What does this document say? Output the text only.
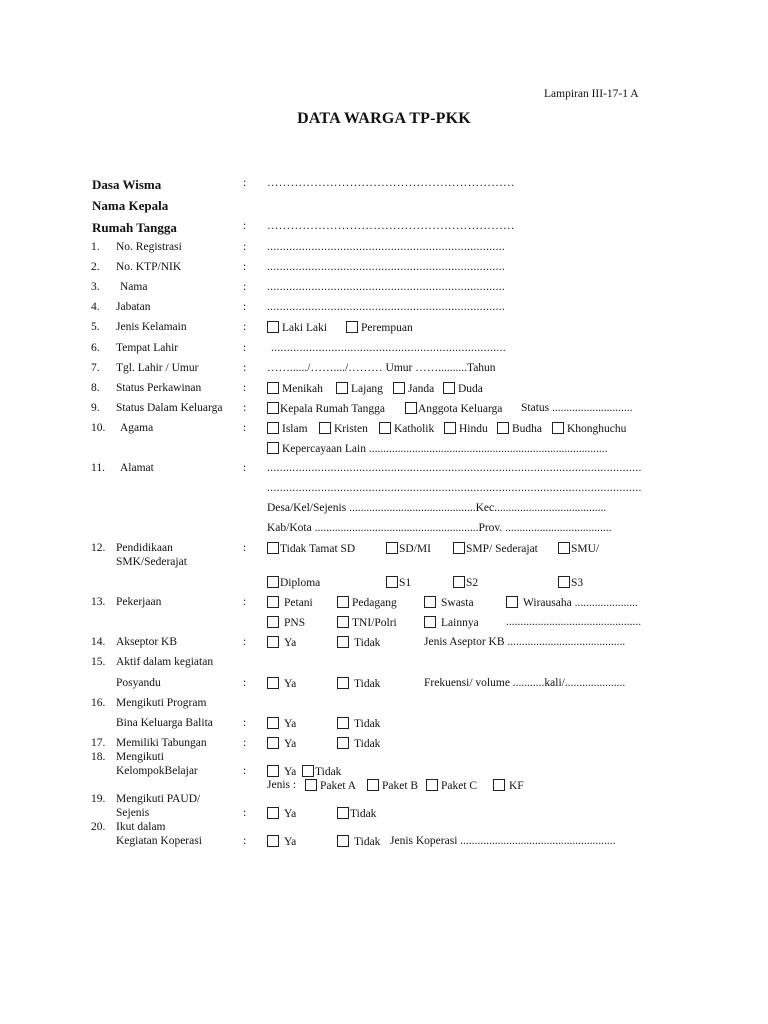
Lampiran III-17-1 A
DATA WARGA TP-PKK
Dasa Wisma	: ………………………………………………………
Nama Kepala
Rumah Tangga	: ………………………………………………………
1. No. Registrasi	: ...........................................................................
2. No. KTP/NIK	: ...........................................................................
3. Nama	: ...........................................................................
4. Jabatan	: ...........................................................................
5. Jenis Kelamain	:	Laki Laki	Perempuan
6. Tempat Lahir	: ..........................................................................
7. Tgl. Lahir / Umur	: ……....../……..../……… Umur ……..........Tahun
8. Status Perkawinan	:	Menikah	Lajang	Janda	Duda
9. Status Dalam Keluarga :	Kepala Rumah Tangga	Anggota Keluarga Status ............................
10. Agama	:	Islam	Kristen	Katholik	Hindu	Budha	Khonghuchu
Kepercayaan Lain ...................................................................................
11. Alamat	: ......................................................................................................................
......................................................................................................................
Desa/Kel/Sejenis ............................................Kec.......................................
Kab/Kota .........................................................Prov. .....................................
12. Pendidikaan	:	Tidak Tamat SD	SD/MI	SMP/ Sederajat	SMU/
SMK/Sederajat
Diploma	S1	S2	S3
13. Pekerjaan	:	Petani	Pedagang	Swasta	Wirausaha ......................
PNS	TNI/Polri	Lainnya ...............................................
14. Akseptor KB	:	Ya	Tidak	Jenis Aseptor KB .........................................
15. Aktif dalam kegiatan
Posyandu	:	Ya	Tidak	Frekuensi/ volume ...........kali/.....................
16. Mengikuti Program
Bina Keluarga Balita	:	Ya	Tidak
17. Memiliki Tabungan	:	Ya	Tidak
18. Mengikuti
KelompokBelajar	:	Ya	Tidak
Jenis :	Paket A	Paket B	Paket C	KF
19. Mengikuti PAUD/
Sejenis	:	Ya	Tidak
20. Ikut dalam
Kegiatan Koperasi	:	Ya	Tidak Jenis Koperasi ......................................................
